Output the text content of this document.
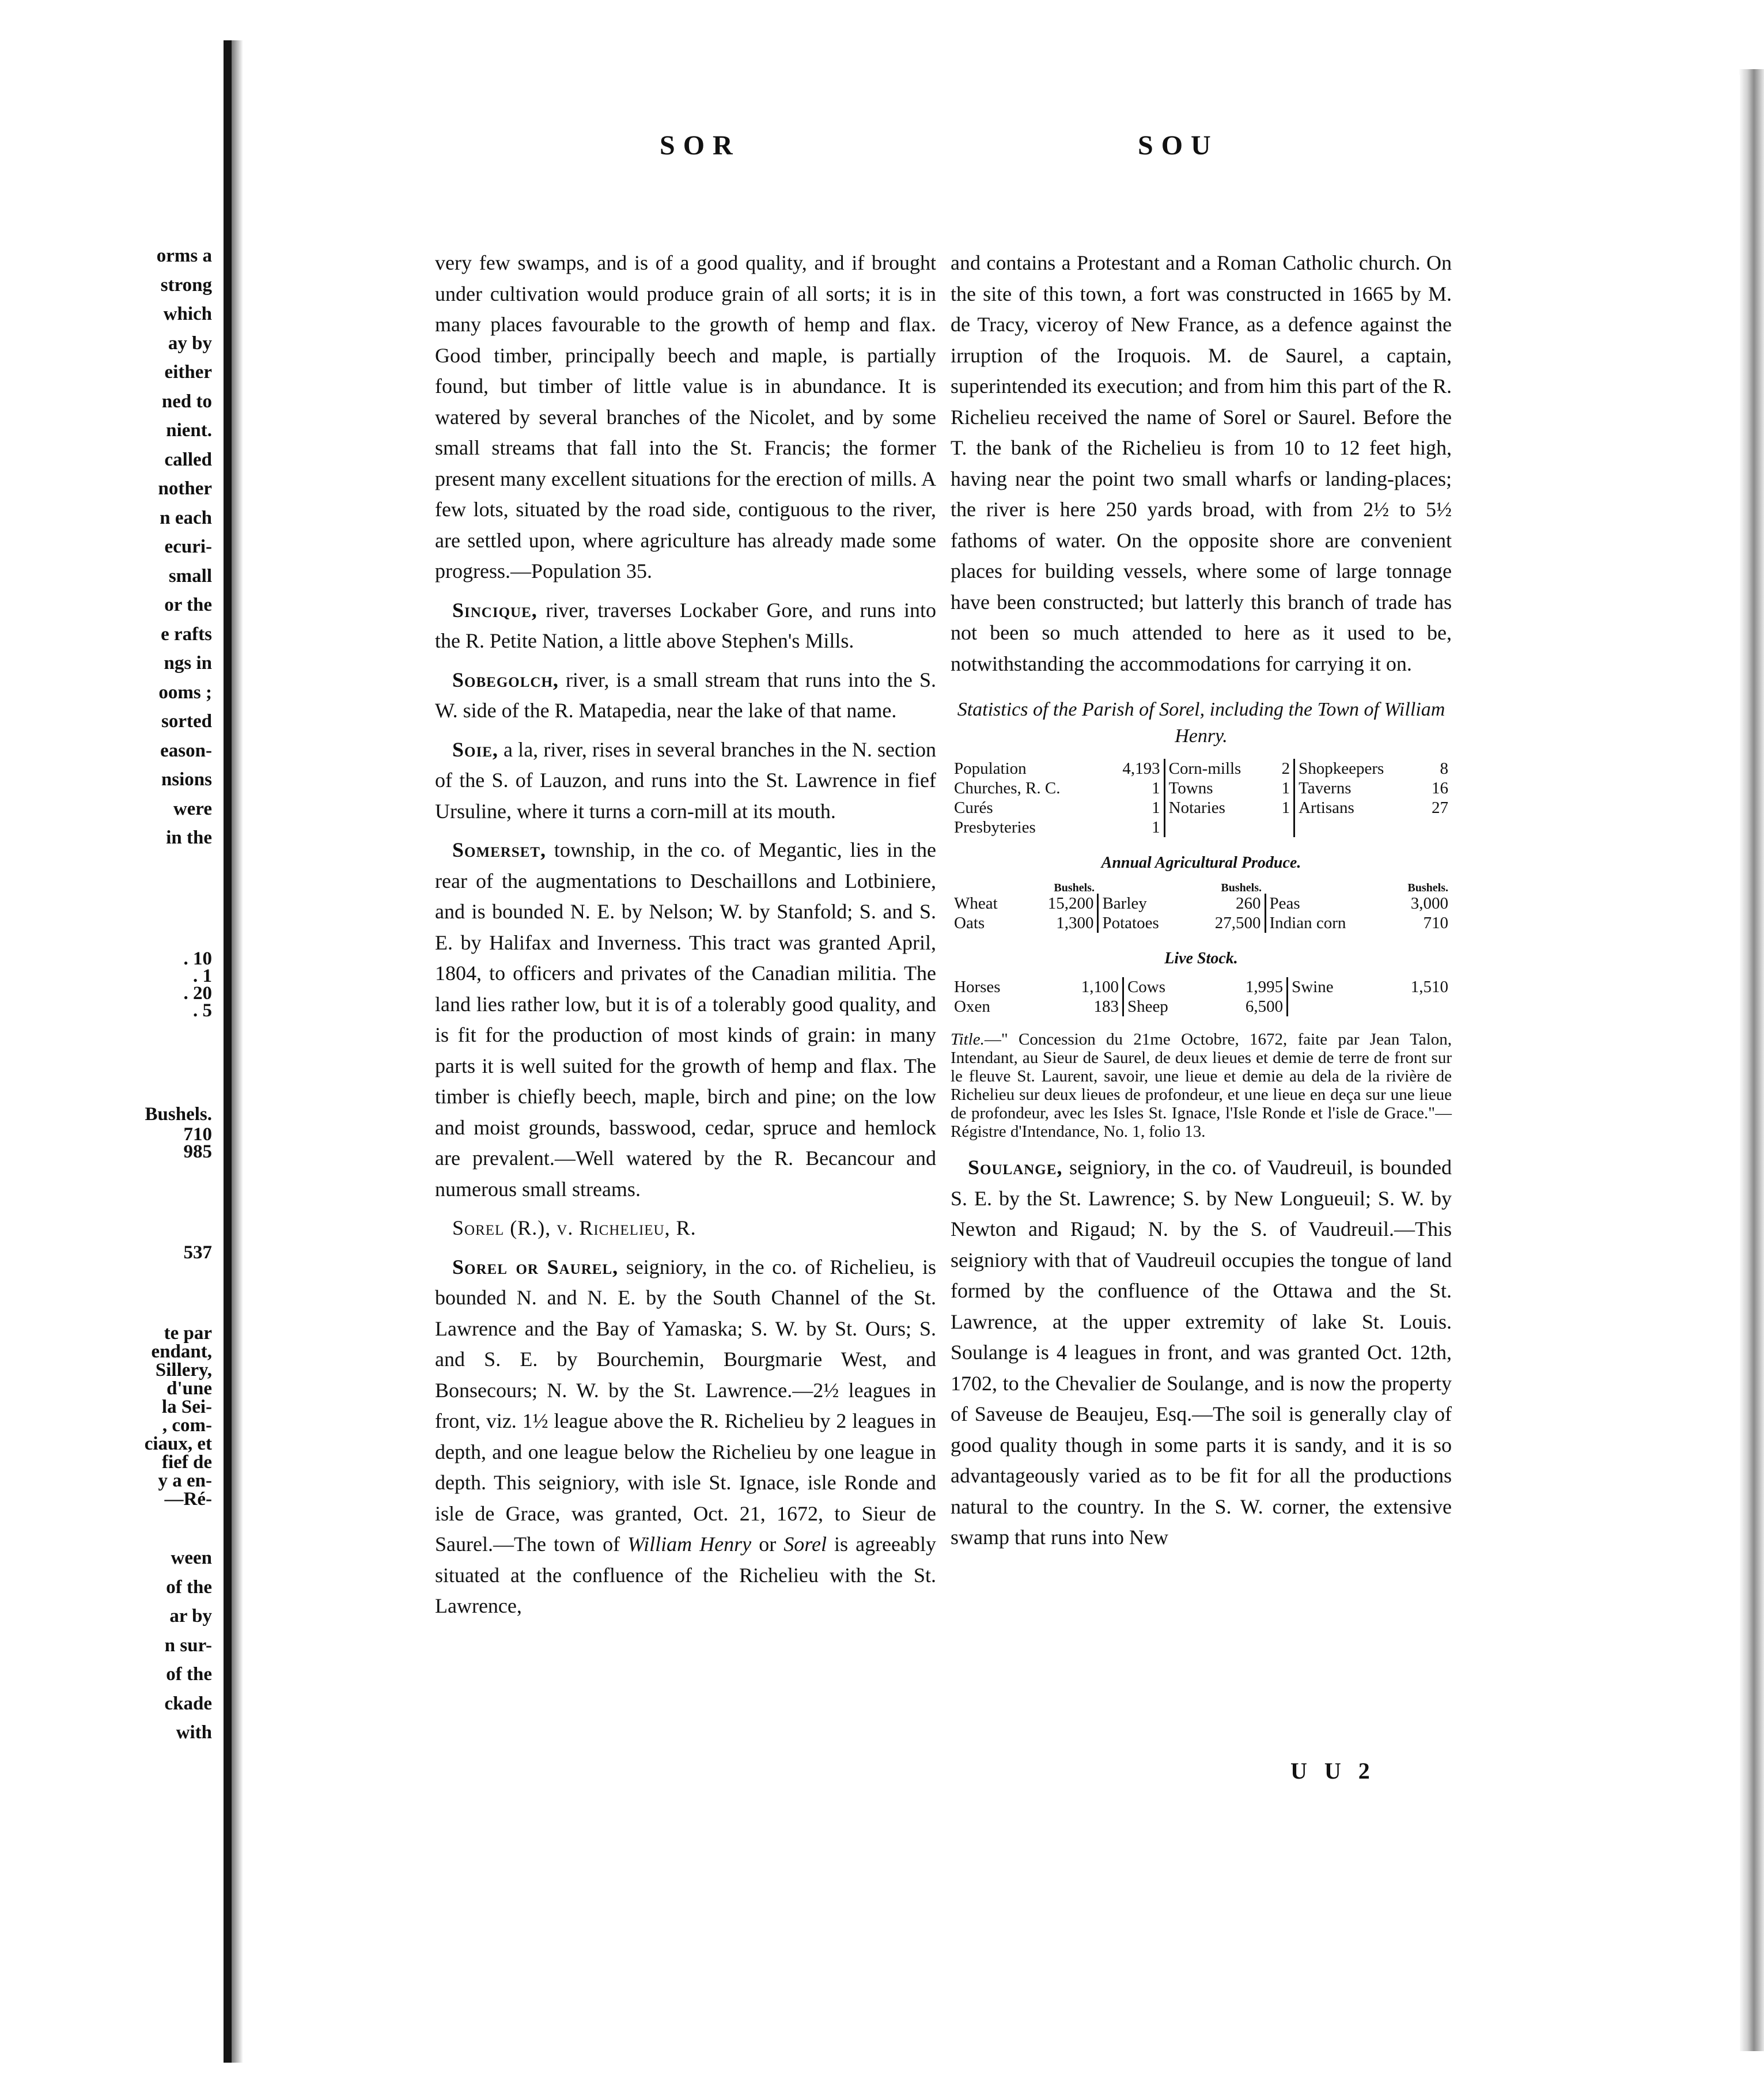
orms a
strong
which
ay by
either
ned to
nient.
called
nother
n each
ecuri-
small
or the
e rafts
ngs in
ooms ;
sorted
eason-
nsions
were
in the
. 10
. 1
. 20
. 5
Bushels.
710
985
537
te par
endant,
Sillery,
d'une
la Sei-
, com-
ciaux, et
fief de
y a en-
—Ré-
ween
of the
ar by
n sur-
of the
ckade
with
SOR	SOU

very few swamps, and is of a good quality, and if brought under cultivation would produce grain of all sorts; it is in many places favourable to the growth of hemp and flax. Good timber, principally beech and maple, is partially found, but timber of little value is in abundance. It is watered by several branches of the Nicolet, and by some small streams that fall into the St. Francis; the former present many excellent situations for the erection of mills. A few lots, situated by the road side, contiguous to the river, are settled upon, where agriculture has already made some progress.—Population 35.

Sincique, river, traverses Lockaber Gore, and runs into the R. Petite Nation, a little above Stephen's Mills.

Sobegolch, river, is a small stream that runs into the S. W. side of the R. Matapedia, near the lake of that name.

Soie, a la, river, rises in several branches in the N. section of the S. of Lauzon, and runs into the St. Lawrence in fief Ursuline, where it turns a corn-mill at its mouth.

Somerset, township, in the co. of Megantic, lies in the rear of the augmentations to Deschaillons and Lotbiniere, and is bounded N. E. by Nelson; W. by Stanfold; S. and S. E. by Halifax and Inverness. This tract was granted April, 1804, to officers and privates of the Canadian militia. The land lies rather low, but it is of a tolerably good quality, and is fit for the production of most kinds of grain: in many parts it is well suited for the growth of hemp and flax. The timber is chiefly beech, maple, birch and pine; on the low and moist grounds, basswood, cedar, spruce and hemlock are prevalent.—Well watered by the R. Becancour and numerous small streams.

Sorel (R.), v. Richelieu, R.

Sorel or Saurel, seigniory, in the co. of Richelieu, is bounded N. and N. E. by the South Channel of the St. Lawrence and the Bay of Yamaska; S. W. by St. Ours; S. and S. E. by Bourchemin, Bourgmarie West, and Bonsecours; N. W. by the St. Lawrence.—2½ leagues in front, viz. 1½ league above the R. Richelieu by 2 leagues in depth, and one league below the Richelieu by one league in depth. This seigniory, with isle St. Ignace, isle Ronde and isle de Grace, was granted, Oct. 21, 1672, to Sieur de Saurel.—The town of William Henry or Sorel is agreeably situated at the confluence of the Richelieu with the St. Lawrence,

and contains a Protestant and a Roman Catholic church. On the site of this town, a fort was constructed in 1665 by M. de Tracy, viceroy of New France, as a defence against the irruption of the Iroquois. M. de Saurel, a captain, superintended its execution; and from him this part of the R. Richelieu received the name of Sorel or Saurel. Before the T. the bank of the Richelieu is from 10 to 12 feet high, having near the point two small wharfs or landing-places; the river is here 250 yards broad, with from 2½ to 5½ fathoms of water. On the opposite shore are convenient places for building vessels, where some of large tonnage have been constructed; but latterly this branch of trade has not been so much attended to here as it used to be, notwithstanding the accommodations for carrying it on.

Statistics of the Parish of Sorel, including the Town of William Henry.
Population	4,193	Corn-mills	2	Shopkeepers	8
Churches, R. C.	1	Towns	1	Taverns	16
Curés	1	Notaries	1	Artisans	27
Presbyteries	1				
Annual Agricultural Produce.
	Bushels.		Bushels.		Bushels.
Wheat	15,200	Barley	260	Peas	3,000
Oats	1,300	Potatoes	27,500	Indian corn	710
Live Stock.
Horses	1,100	Cows	1,995	Swine	1,510
Oxen	183	Sheep	6,500		
Title.—" Concession du 21me Octobre, 1672, faite par Jean Talon, Intendant, au Sieur de Saurel, de deux lieues et demie de terre de front sur le fleuve St. Laurent, savoir, une lieue et demie au dela de la rivière de Richelieu sur deux lieues de profondeur, et une lieue en deça sur une lieue de profondeur, avec les Isles St. Ignace, l'Isle Ronde et l'isle de Grace."—Régistre d'Intendance, No. 1, folio 13.

Soulange, seigniory, in the co. of Vaudreuil, is bounded S. E. by the St. Lawrence; S. by New Longueuil; S. W. by Newton and Rigaud; N. by the S. of Vaudreuil.—This seigniory with that of Vaudreuil occupies the tongue of land formed by the confluence of the Ottawa and the St. Lawrence, at the upper extremity of lake St. Louis. Soulange is 4 leagues in front, and was granted Oct. 12th, 1702, to the Chevalier de Soulange, and is now the property of Saveuse de Beaujeu, Esq.—The soil is generally clay of good quality though in some parts it is sandy, and it is so advantageously varied as to be fit for all the productions natural to the country. In the S. W. corner, the extensive swamp that runs into New

U U 2
